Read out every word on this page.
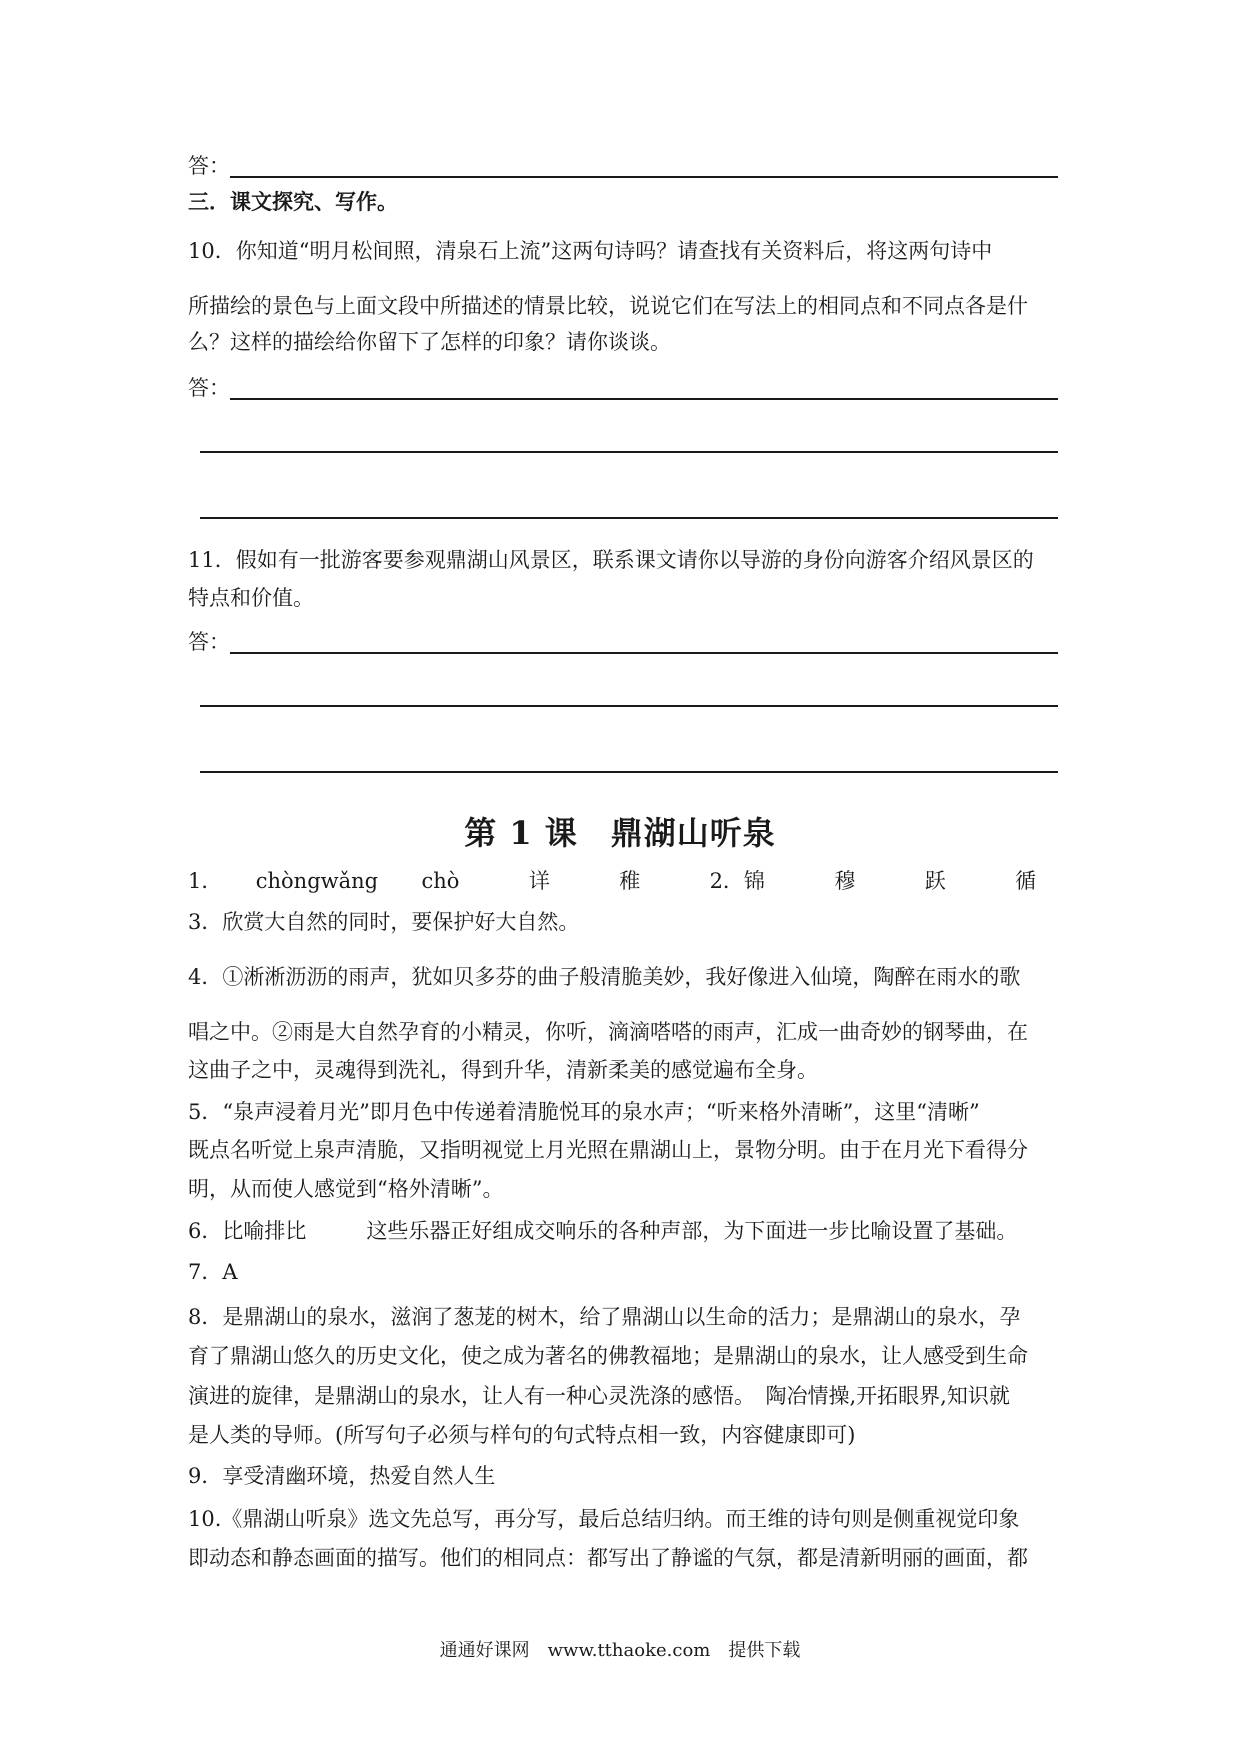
答：
三．课文探究、写作。
10．你知道“明月松间照，清泉石上流”这两句诗吗？请查找有关资料后，将这两句诗中
所描绘的景色与上面文段中所描述的情景比较，说说它们在写法上的相同点和不同点各是什
么？这样的描绘给你留下了怎样的印象？请你谈谈。
答：
11．假如有一批游客要参观鼎湖山风景区，联系课文请你以导游的身份向游客介绍风景区的
特点和价值。
答：
第 1 课　鼎湖山听泉
1． chòngwǎng chò	详	稚	2．锦	穆	跃	循
3．欣赏大自然的同时，要保护好大自然。
4．①淅淅沥沥的雨声，犹如贝多芬的曲子般清脆美妙，我好像进入仙境，陶醉在雨水的歌
唱之中。②雨是大自然孕育的小精灵，你听，滴滴嗒嗒的雨声，汇成一曲奇妙的钢琴曲，在
这曲子之中，灵魂得到洗礼，得到升华，清新柔美的感觉遍布全身。
5．“泉声浸着月光”即月色中传递着清脆悦耳的泉水声；“听来格外清晰”，这里“清晰”
既点名听觉上泉声清脆，又指明视觉上月光照在鼎湖山上，景物分明。由于在月光下看得分
明，从而使人感觉到“格外清晰”。
6．比喻排比	这些乐器正好组成交响乐的各种声部，为下面进一步比喻设置了基础。
7．A
8．是鼎湖山的泉水，滋润了葱茏的树木，给了鼎湖山以生命的活力；是鼎湖山的泉水，孕
育了鼎湖山悠久的历史文化，使之成为著名的佛教福地；是鼎湖山的泉水，让人感受到生命
演进的旋律，是鼎湖山的泉水，让人有一种心灵洗涤的感悟。　陶冶情操,开拓眼界,知识就
是人类的导师。(所写句子必须与样句的句式特点相一致，内容健康即可)
9．享受清幽环境，热爱自然人生
10.《鼎湖山听泉》选文先总写，再分写，最后总结归纳。而王维的诗句则是侧重视觉印象
即动态和静态画面的描写。他们的相同点：都写出了静谧的气氛，都是清新明丽的画面，都
通通好课网　www.tthaoke.com　提供下载
